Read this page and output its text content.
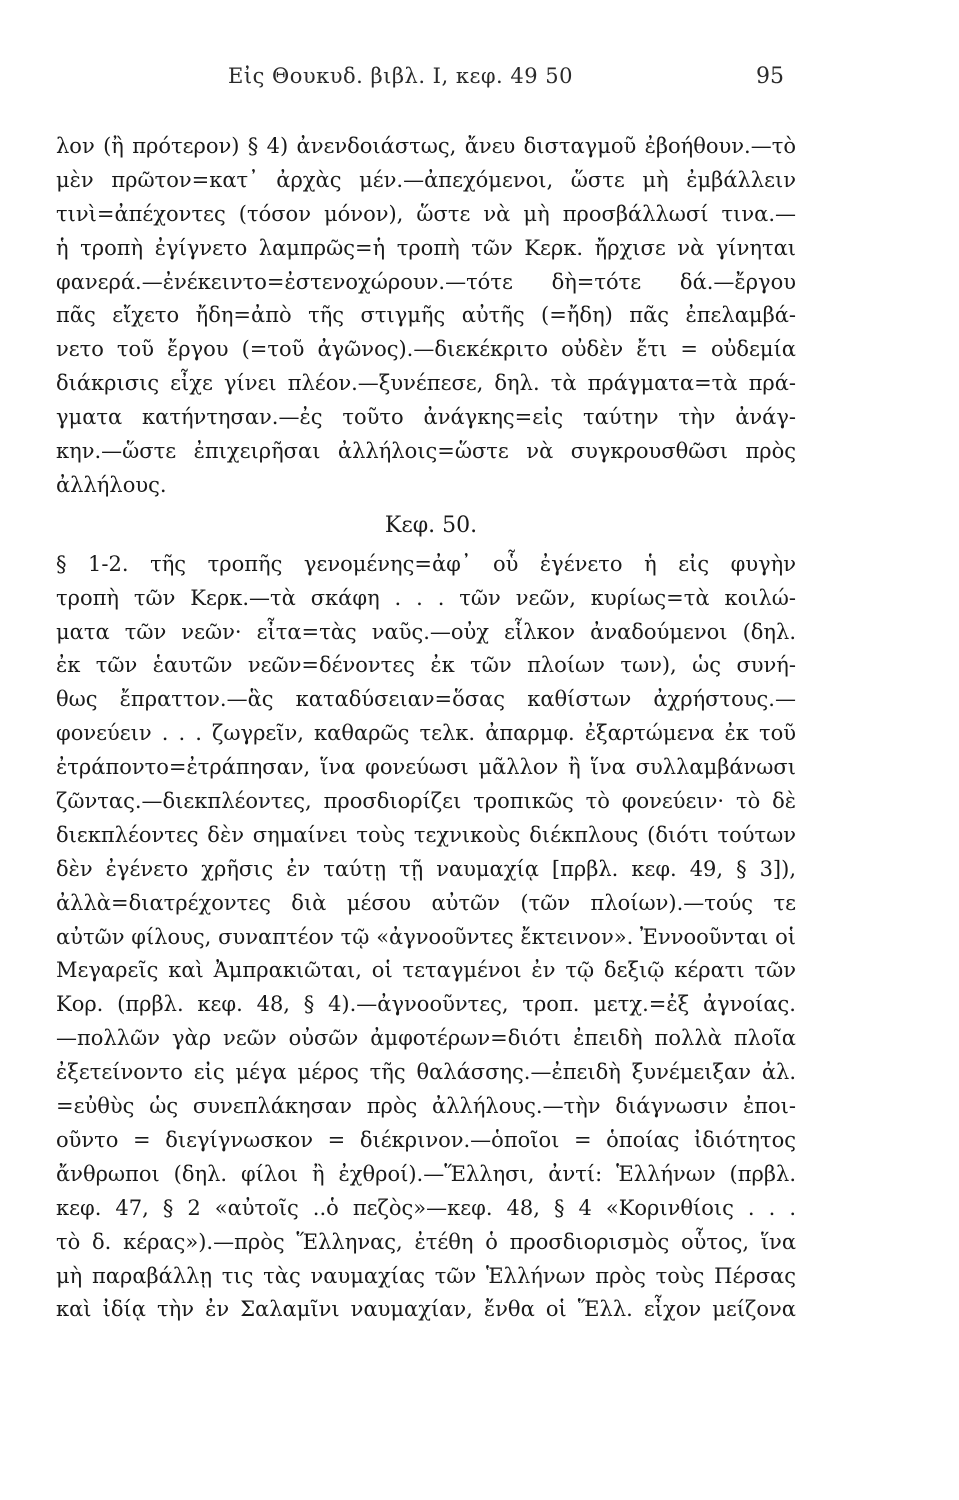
Εἰς Θουκυδ. βιβλ. Ι, κεφ. 49 50	95
λον (ἢ πρότερον) § 4) ἀνενδοιάστως, ἄνευ δισταγμοῦ ἐβοήθουν.—τὸ
μὲν πρῶτον=κατ᾽ ἀρχὰς μέν.—ἀπεχόμενοι, ὥστε μὴ ἐμβάλλειν
τινὶ=ἀπέχοντες (τόσον μόνον), ὥστε νὰ μὴ προσβάλλωσί τινα.—
ἡ τροπὴ ἐγίγνετο λαμπρῶς=ἡ τροπὴ τῶν Κερκ. ἤρχισε νὰ γίνηται
φανερά.—ἐνέκειντο=ἐστενοχώρουν.—τότε δὴ=τότε δά.—ἔργου
πᾶς εἴχετο ἤδη=ἀπὸ τῆς στιγμῆς αὐτῆς (=ἤδη) πᾶς ἐπελαμβά-
νετο τοῦ ἔργου (=τοῦ ἀγῶνος).—διεκέκριτο οὐδὲν ἔτι = οὐδεμία
διάκρισις εἶχε γίνει πλέον.—ξυνέπεσε, δηλ. τὰ πράγματα=τὰ πρά-
γματα κατήντησαν.—ἐς τοῦτο ἀνάγκης=εἰς ταύτην τὴν ἀνάγ-
κην.—ὥστε ἐπιχειρῆσαι ἀλλήλοις=ὥστε νὰ συγκρουσθῶσι πρὸς
ἀλλήλους.
Κεφ. 50.
§ 1-2. τῆς τροπῆς γενομένης=ἀφ᾽ οὗ ἐγένετο ἡ εἰς φυγὴν
τροπὴ τῶν Κερκ.—τὰ σκάφη . . . τῶν νεῶν, κυρίως=τὰ κοιλώ-
ματα τῶν νεῶν· εἶτα=τὰς ναῦς.—οὐχ εἷλκον ἀναδούμενοι (δηλ.
ἐκ τῶν ἑαυτῶν νεῶν=δένοντες ἐκ τῶν πλοίων των), ὡς συνή-
θως ἔπραττον.—ἃς καταδύσειαν=ὅσας καθίστων ἀχρήστους.—
φονεύειν . . . ζωγρεῖν, καθαρῶς τελκ. ἀπαρμφ. ἐξαρτώμενα ἐκ τοῦ
ἐτράποντο=ἐτράπησαν, ἵνα φονεύωσι μᾶλλον ἢ ἵνα συλλαμβάνωσι
ζῶντας.—διεκπλέοντες, προσδιορίζει τροπικῶς τὸ φονεύειν· τὸ δὲ
διεκπλέοντες δὲν σημαίνει τοὺς τεχνικοὺς διέκπλους (διότι τούτων
δὲν ἐγένετο χρῆσις ἐν ταύτῃ τῇ ναυμαχίᾳ [πρβλ. κεφ. 49, § 3]),
ἀλλὰ=διατρέχοντες διὰ μέσου αὐτῶν (τῶν πλοίων).—τούς τε
αὐτῶν φίλους, συναπτέον τῷ «ἀγνοοῦντες ἔκτεινον». Ἐννοοῦνται οἱ
Μεγαρεῖς καὶ Ἀμπρακιῶται, οἱ τεταγμένοι ἐν τῷ δεξιῷ κέρατι τῶν
Κορ. (πρβλ. κεφ. 48, § 4).—ἀγνοοῦντες, τροπ. μετχ.=ἐξ ἀγνοίας.
—πολλῶν γὰρ νεῶν οὐσῶν ἀμφοτέρων=διότι ἐπειδὴ πολλὰ πλοῖα
ἐξετείνοντο εἰς μέγα μέρος τῆς θαλάσσης.—ἐπειδὴ ξυνέμειξαν ἀλ.
=εὐθὺς ὡς συνεπλάκησαν πρὸς ἀλλήλους.—τὴν διάγνωσιν ἐποι-
οῦντο = διεγίγνωσκον = διέκρινον.—ὁποῖοι = ὁποίας ἰδιότητος
ἄνθρωποι (δηλ. φίλοι ἢ ἐχθροί).—Ἕλλησι, ἀντί: Ἑλλήνων (πρβλ.
κεφ. 47, § 2 «αὐτοῖς ..ὁ πεζὸς»—κεφ. 48, § 4 «Κορινθίοις . . .
τὸ δ. κέρας»).—πρὸς Ἕλληνας, ἐτέθη ὁ προσδιορισμὸς οὗτος, ἵνα
μὴ παραβάλλῃ τις τὰς ναυμαχίας τῶν Ἑλλήνων πρὸς τοὺς Πέρσας
καὶ ἰδίᾳ τὴν ἐν Σαλαμῖνι ναυμαχίαν, ἔνθα οἱ Ἕλλ. εἶχον μείζονα
